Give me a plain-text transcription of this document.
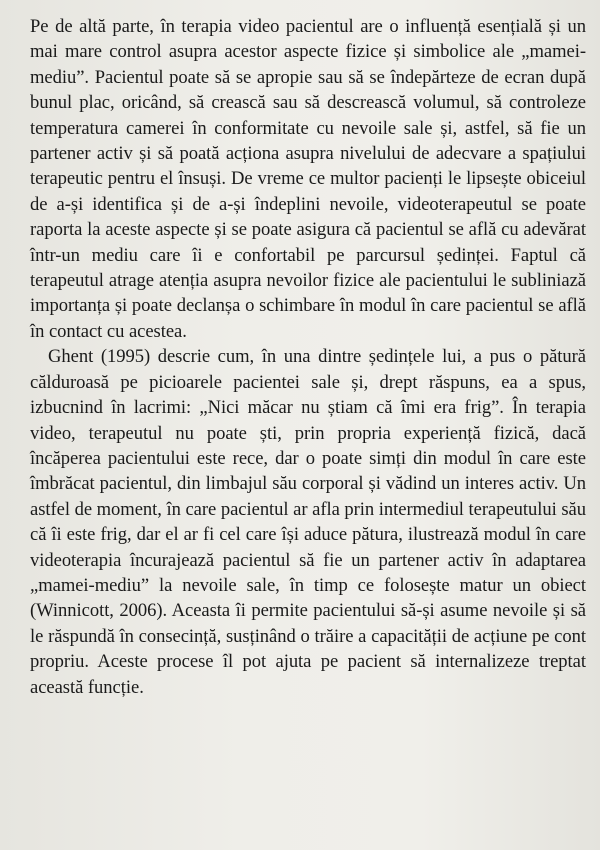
Pe de altă parte, în terapia video pacientul are o influență esențială și un mai mare control asupra acestor aspecte fizice și simbolice ale „mamei-mediu”. Pacientul poate să se apropie sau să se îndepărteze de ecran după bunul plac, oricând, să crească sau să descrească volumul, să controleze temperatura camerei în conformitate cu nevoile sale și, astfel, să fie un partener activ și să poată acționa asupra nivelului de adecvare a spațiului terapeutic pentru el însuși. De vreme ce multor pacienți le lipsește obiceiul de a-și identifica și de a-și îndeplini nevoile, videoterapeutul se poate raporta la aceste aspecte și se poate asigura că pacientul se află cu adevărat într-un mediu care îi e confortabil pe parcursul ședinței. Faptul că terapeutul atrage atenția asupra nevoilor fizice ale pacientului le subliniază importanța și poate declanșa o schimbare în modul în care pacientul se află în contact cu acestea.

Ghent (1995) descrie cum, în una dintre ședințele lui, a pus o pătură călduroasă pe picioarele pacientei sale și, drept răspuns, ea a spus, izbucnind în lacrimi: „Nici măcar nu știam că îmi era frig”. În terapia video, terapeutul nu poate ști, prin propria experiență fizică, dacă încăperea pacientului este rece, dar o poate simți din modul în care este îmbrăcat pacientul, din limbajul său corporal și vădind un interes activ. Un astfel de moment, în care pacientul ar afla prin intermediul terapeutului său că îi este frig, dar el ar fi cel care își aduce pătura, ilustrează modul în care videoterapia încurajează pacientul să fie un partener activ în adaptarea „mamei-mediu” la nevoile sale, în timp ce folosește matur un obiect (Winnicott, 2006). Aceasta îi permite pacientului să-și asume nevoile și să le răspundă în consecință, susținând o trăire a capacității de acțiune pe cont propriu. Aceste procese îl pot ajuta pe pacient să internalizeze treptat această funcție.
